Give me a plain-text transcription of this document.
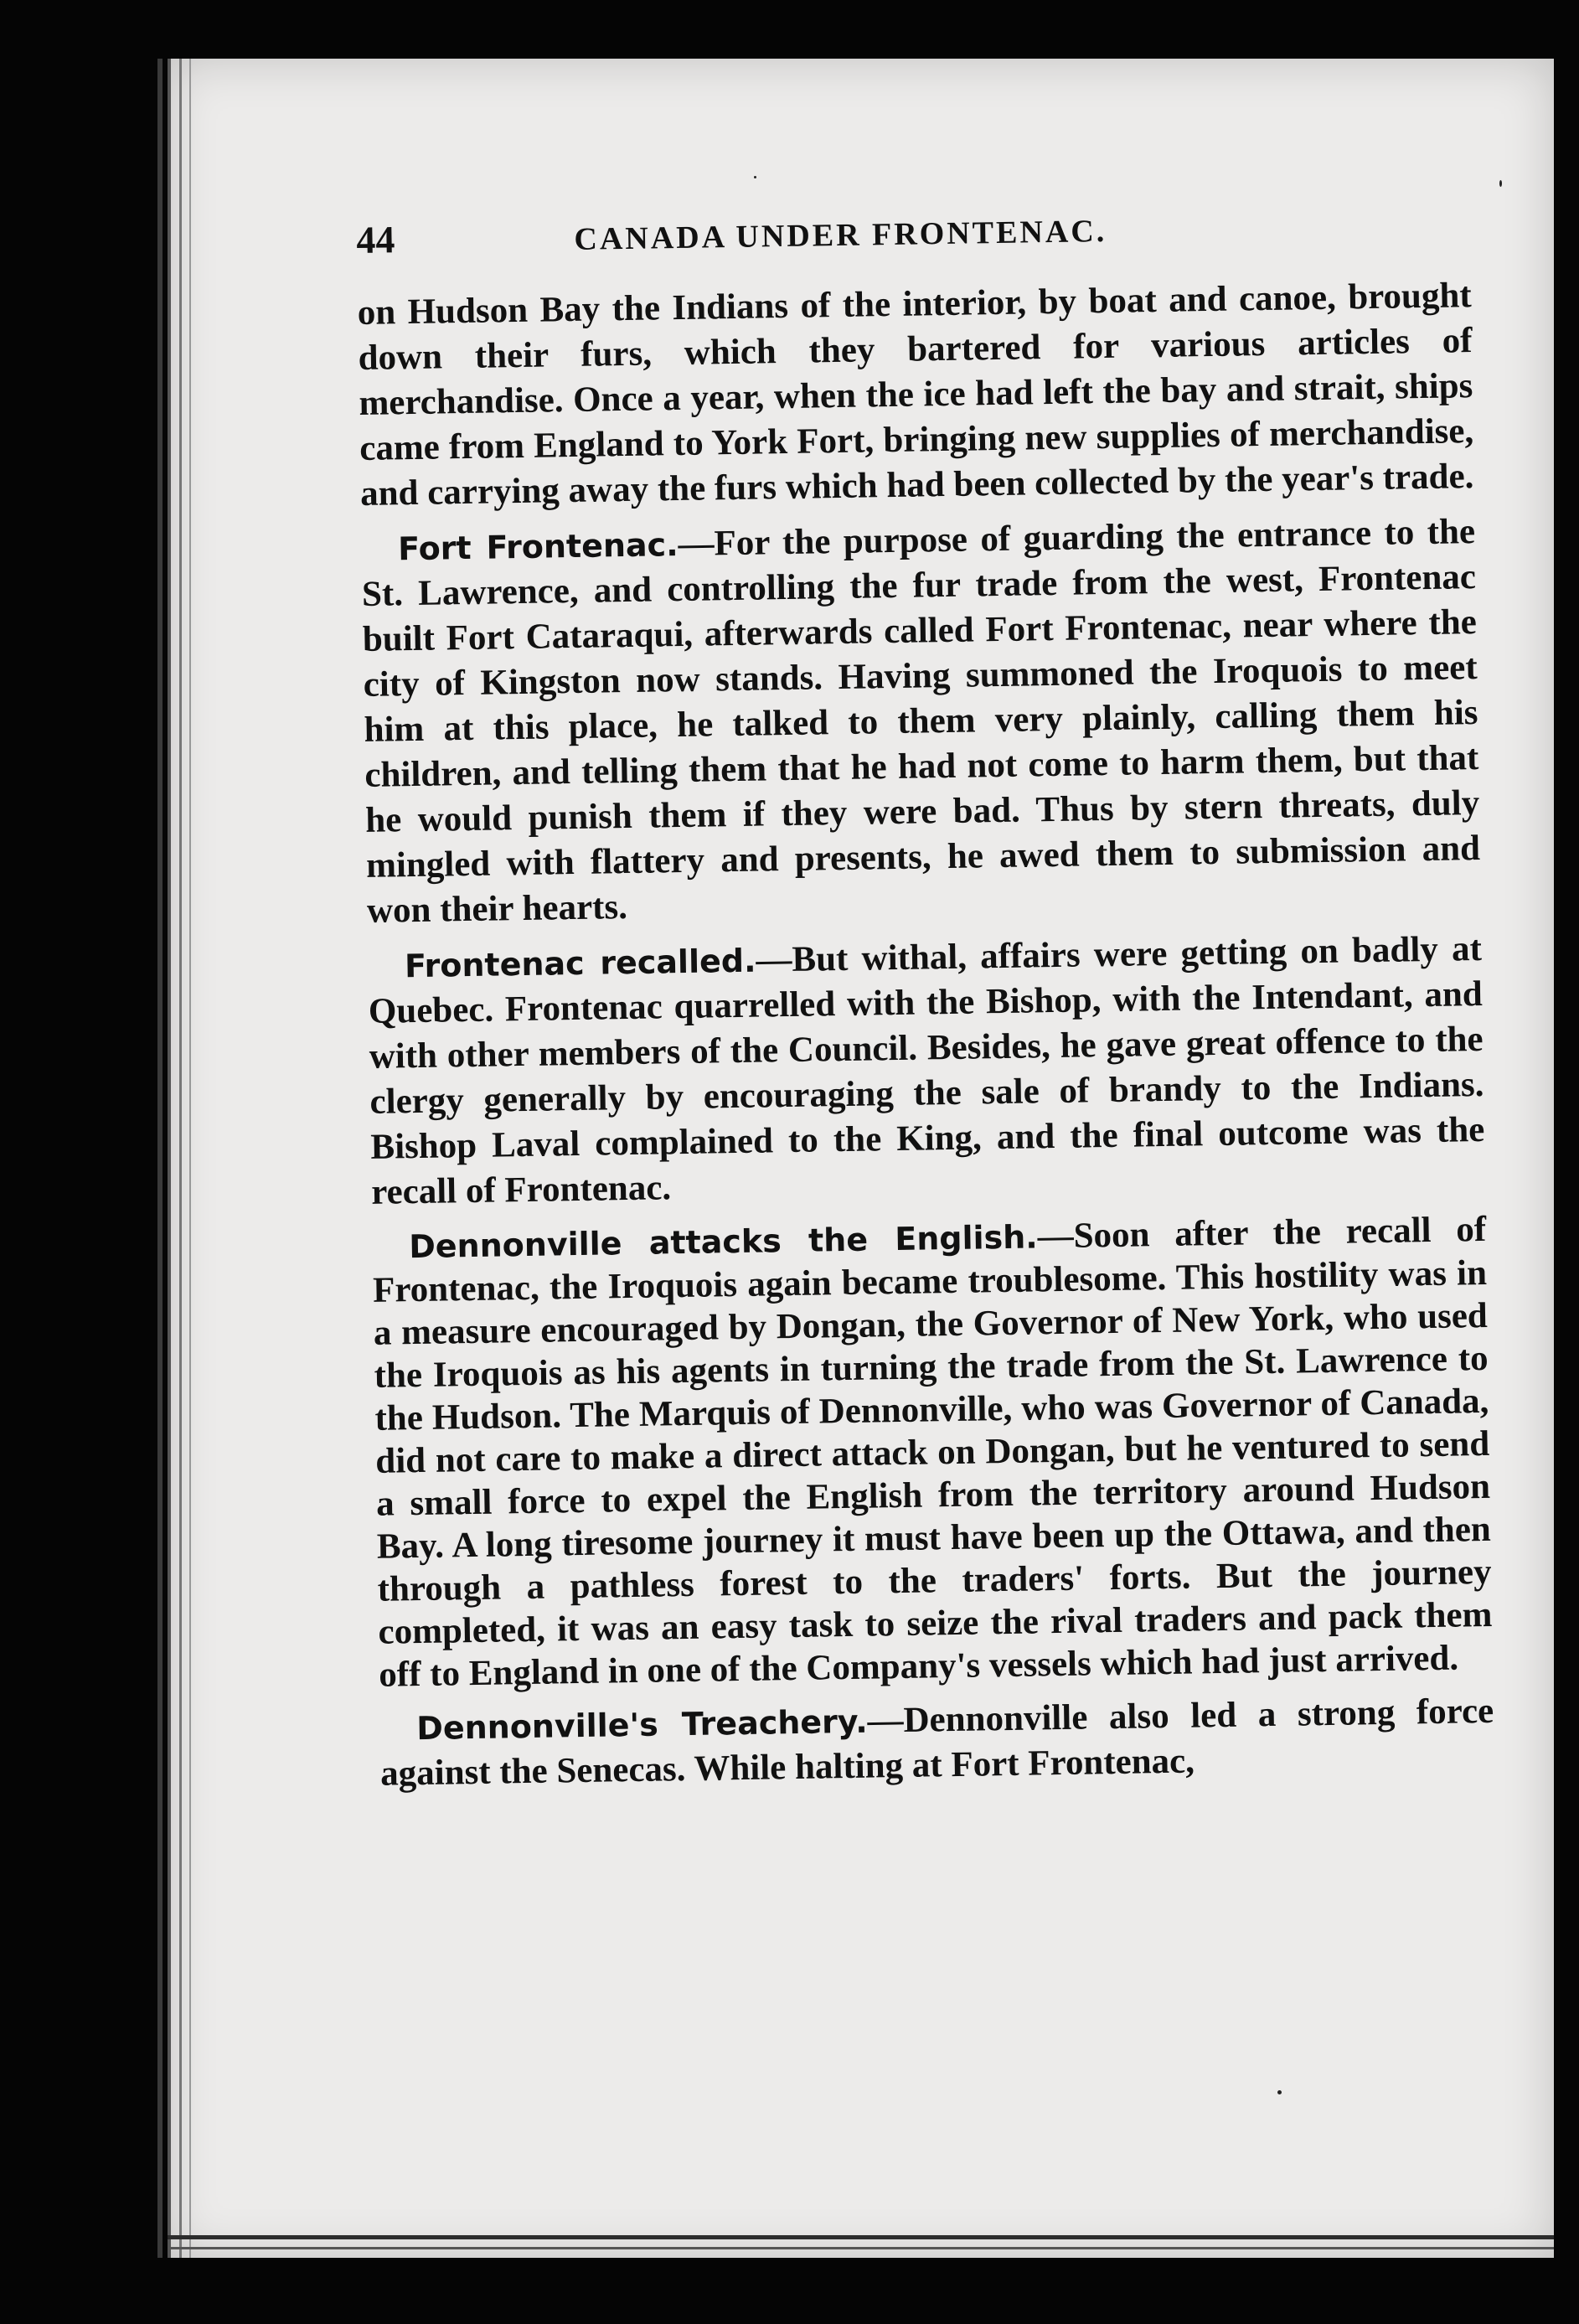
44	CANADA UNDER FRONTENAC.

on Hudson Bay the Indians of the interior, by boat and canoe, brought down their furs, which they bartered for various articles of merchandise. Once a year, when the ice had left the bay and strait, ships came from England to York Fort, bringing new supplies of merchandise, and carrying away the furs which had been collected by the year's trade.

Fort Frontenac.—For the purpose of guarding the entrance to the St. Lawrence, and controlling the fur trade from the west, Frontenac built Fort Cataraqui, afterwards called Fort Frontenac, near where the city of Kingston now stands. Having summoned the Iroquois to meet him at this place, he talked to them very plainly, calling them his children, and telling them that he had not come to harm them, but that he would punish them if they were bad. Thus by stern threats, duly mingled with flattery and presents, he awed them to submission and won their hearts.

Frontenac recalled.—But withal, affairs were getting on badly at Quebec. Frontenac quarrelled with the Bishop, with the Intendant, and with other members of the Council. Besides, he gave great offence to the clergy generally by encouraging the sale of brandy to the Indians. Bishop Laval complained to the King, and the final outcome was the recall of Frontenac.

Dennonville attacks the English.—Soon after the recall of Frontenac, the Iroquois again became troublesome. This hostility was in a measure encouraged by Dongan, the Governor of New York, who used the Iroquois as his agents in turning the trade from the St. Lawrence to the Hudson. The Marquis of Dennonville, who was Governor of Canada, did not care to make a direct attack on Dongan, but he ventured to send a small force to expel the English from the territory around Hudson Bay. A long tiresome journey it must have been up the Ottawa, and then through a pathless forest to the traders' forts. But the journey completed, it was an easy task to seize the rival traders and pack them off to England in one of the Company's vessels which had just arrived.

Dennonville's Treachery.—Dennonville also led a strong force against the Senecas. While halting at Fort Frontenac,
